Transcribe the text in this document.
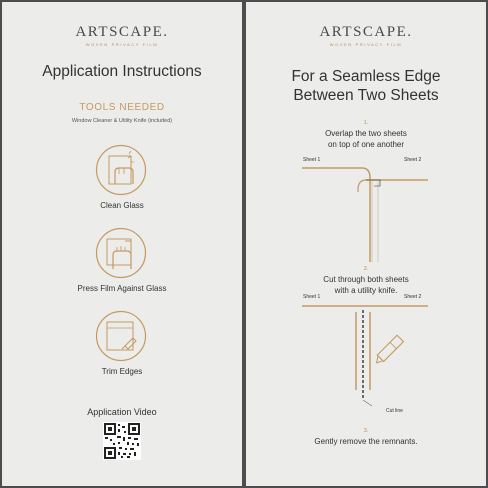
ARTSCAPE.
WOVEN PRIVACY FILM
Application Instructions
TOOLS NEEDED
Window Cleaner & Utility Knife (included)
Clean Glass
Press Film Against Glass
Trim Edges
Application Video
ARTSCAPE.
WOVEN PRIVACY FILM
For a Seamless Edge
Between Two Sheets
1.
Overlap the two sheets
on top of one another
Sheet 1	Sheet 2
2.
Cut through both sheets
with a utility knife.
Sheet 1	Sheet 2
Cut line
3.
Gently remove the remnants.
